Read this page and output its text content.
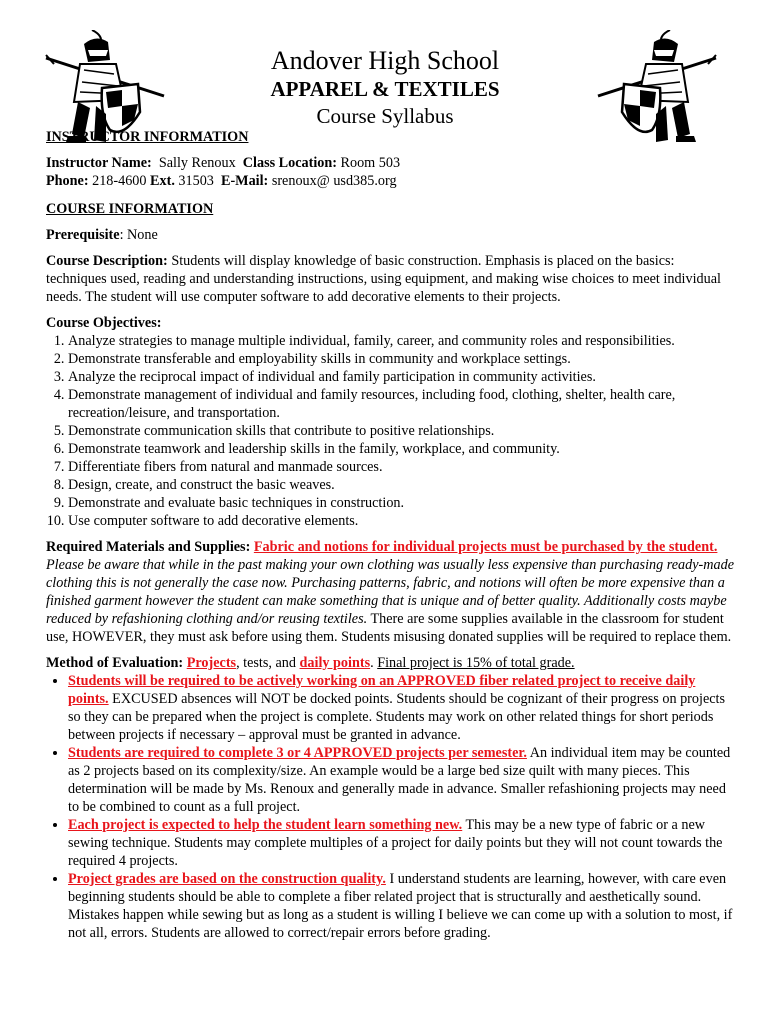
Andover High School
APPAREL & TEXTILES
Course Syllabus

INSTRUCTOR INFORMATION

Instructor Name: Sally Renoux Class Location: Room 503

Phone: 218-4600 Ext. 31503 E-Mail: srenoux@ usd385.org

COURSE INFORMATION

Prerequisite: None

Course Description: Students will display knowledge of basic construction. Emphasis is placed on the basics: techniques used, reading and understanding instructions, using equipment, and making wise choices to meet individual needs. The student will use computer software to add decorative elements to their projects.

Course Objectives:

1. Analyze strategies to manage multiple individual, family, career, and community roles and responsibilities.
2. Demonstrate transferable and employability skills in community and workplace settings.
3. Analyze the reciprocal impact of individual and family participation in community activities.
4. Demonstrate management of individual and family resources, including food, clothing, shelter, health care, recreation/leisure, and transportation.
5. Demonstrate communication skills that contribute to positive relationships.
6. Demonstrate teamwork and leadership skills in the family, workplace, and community.
7. Differentiate fibers from natural and manmade sources.
8. Design, create, and construct the basic weaves.
9. Demonstrate and evaluate basic techniques in construction.
10. Use computer software to add decorative elements.

Required Materials and Supplies: Fabric and notions for individual projects must be purchased by the student. Please be aware that while in the past making your own clothing was usually less expensive than purchasing ready-made clothing this is not generally the case now. Purchasing patterns, fabric, and notions will often be more expensive than a finished garment however the student can make something that is unique and of better quality. Additionally costs maybe reduced by refashioning clothing and/or reusing textiles. There are some supplies available in the classroom for student use, HOWEVER, they must ask before using them. Students misusing donated supplies will be required to replace them.

Method of Evaluation: Projects, tests, and daily points. Final project is 15% of total grade.

• Students will be required to be actively working on an APPROVED fiber related project to receive daily points. EXCUSED absences will NOT be docked points. Students should be cognizant of their progress on projects so they can be prepared when the project is complete. Students may work on other related things for short periods between projects if necessary – approval must be granted in advance.
• Students are required to complete 3 or 4 APPROVED projects per semester. An individual item may be counted as 2 projects based on its complexity/size. An example would be a large bed size quilt with many pieces. This determination will be made by Ms. Renoux and generally made in advance. Smaller refashioning projects may need to be combined to count as a full project.
• Each project is expected to help the student learn something new. This may be a new type of fabric or a new sewing technique. Students may complete multiples of a project for daily points but they will not count towards the required 4 projects.
• Project grades are based on the construction quality. I understand students are learning, however, with care even beginning students should be able to complete a fiber related project that is structurally and aesthetically sound. Mistakes happen while sewing but as long as a student is willing I believe we can come up with a solution to most, if not all, errors. Students are allowed to correct/repair errors before grading.
